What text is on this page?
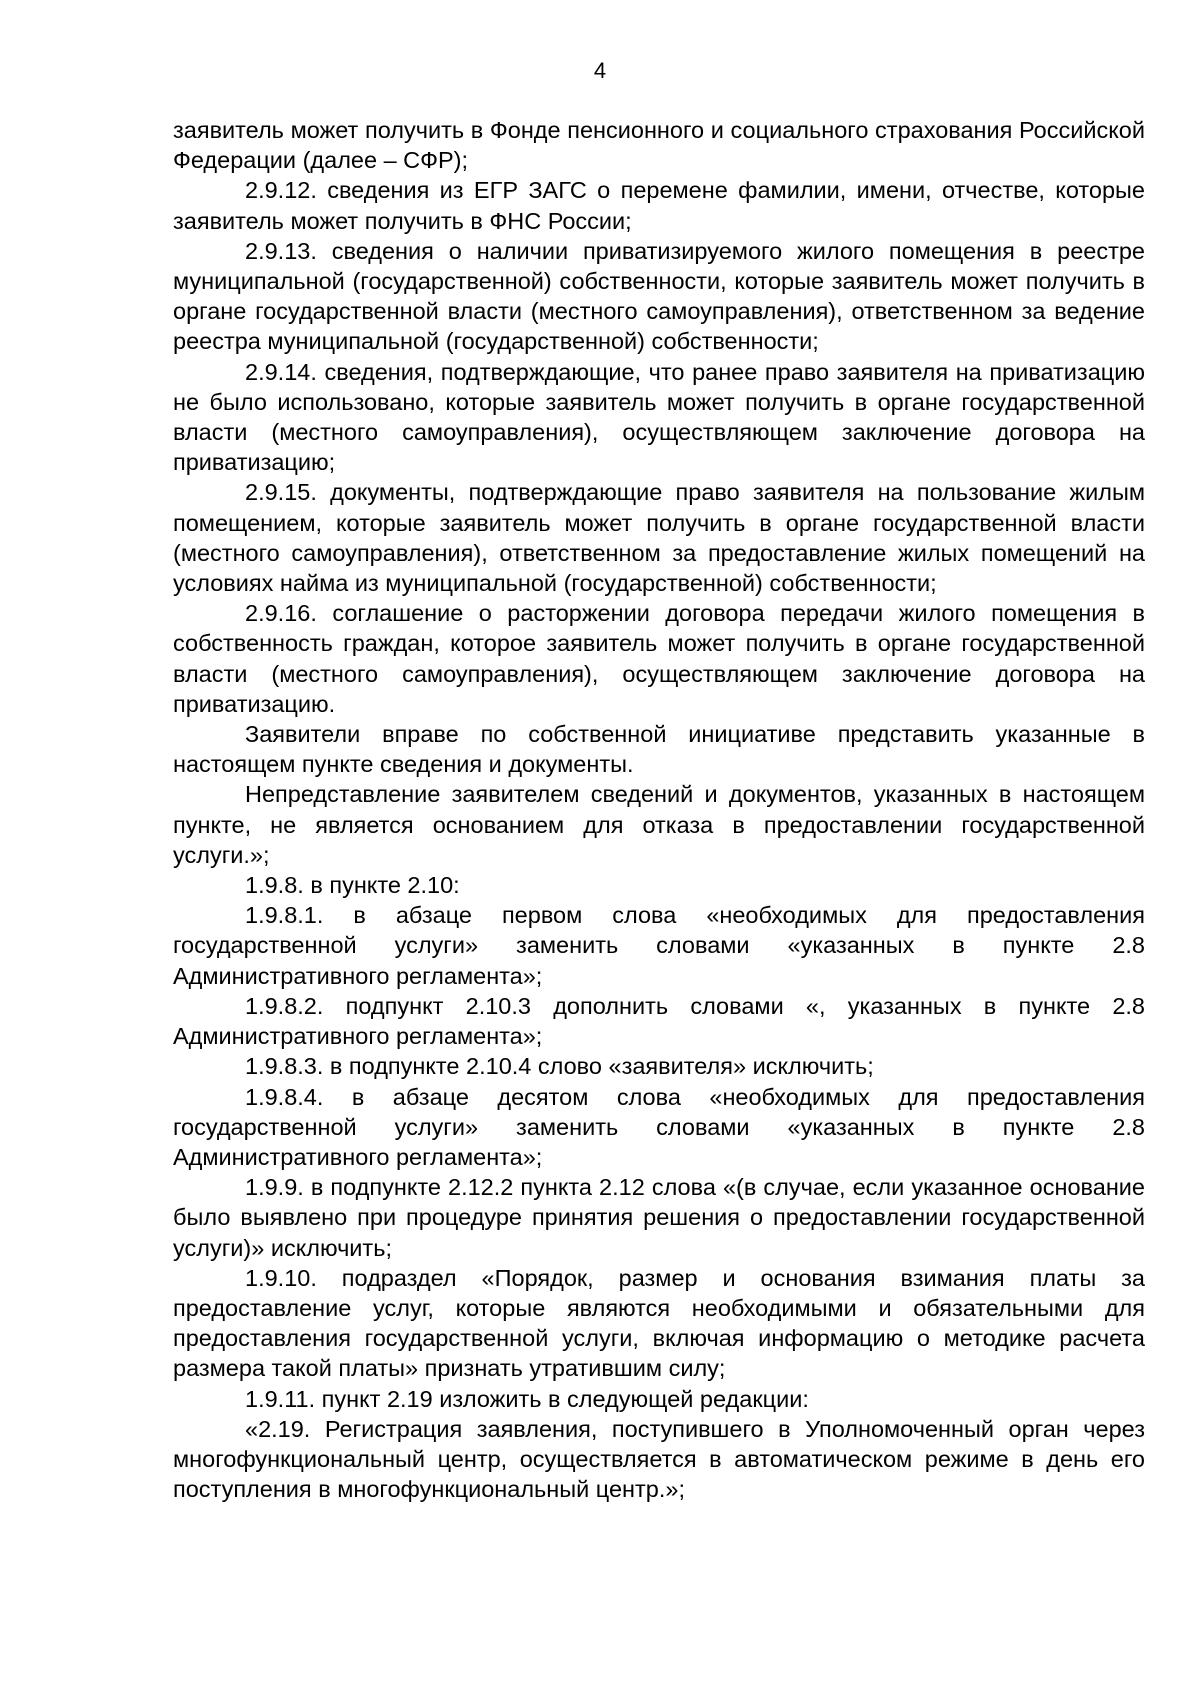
4

заявитель может получить в Фонде пенсионного и социального страхования Российской Федерации (далее – СФР);

2.9.12. сведения из ЕГР ЗАГС о перемене фамилии, имени, отчестве, которые заявитель может получить в ФНС России;

2.9.13. сведения о наличии приватизируемого жилого помещения в реестре муниципальной (государственной) собственности, которые заявитель может получить в органе государственной власти (местного самоуправления), ответственном за ведение реестра муниципальной (государственной) собственности;

2.9.14. сведения, подтверждающие, что ранее право заявителя на приватизацию не было использовано, которые заявитель может получить в органе государственной власти (местного самоуправления), осуществляющем заключение договора на приватизацию;

2.9.15. документы, подтверждающие право заявителя на пользование жилым помещением, которые заявитель может получить в органе государственной власти (местного самоуправления), ответственном за предоставление жилых помещений на условиях найма из муниципальной (государственной) собственности;

2.9.16. соглашение о расторжении договора передачи жилого помещения в собственность граждан, которое заявитель может получить в органе государственной власти (местного самоуправления), осуществляющем заключение договора на приватизацию.

Заявители вправе по собственной инициативе представить указанные в настоящем пункте сведения и документы.

Непредставление заявителем сведений и документов, указанных в настоящем пункте, не является основанием для отказа в предоставлении государственной услуги.»;

1.9.8. в пункте 2.10:

1.9.8.1. в абзаце первом слова «необходимых для предоставления государственной услуги» заменить словами «указанных в пункте 2.8 Административного регламента»;

1.9.8.2. подпункт 2.10.3 дополнить словами «, указанных в пункте 2.8 Административного регламента»;

1.9.8.3. в подпункте 2.10.4 слово «заявителя» исключить;

1.9.8.4. в абзаце десятом слова «необходимых для предоставления государственной услуги» заменить словами «указанных в пункте 2.8 Административного регламента»;

1.9.9. в подпункте 2.12.2 пункта 2.12 слова «(в случае, если указанное основание было выявлено при процедуре принятия решения о предоставлении государственной услуги)» исключить;

1.9.10. подраздел «Порядок, размер и основания взимания платы за предоставление услуг, которые являются необходимыми и обязательными для предоставления государственной услуги, включая информацию о методике расчета размера такой платы» признать утратившим силу;

1.9.11. пункт 2.19 изложить в следующей редакции:

«2.19. Регистрация заявления, поступившего в Уполномоченный орган через многофункциональный центр, осуществляется в автоматическом режиме в день его поступления в многофункциональный центр.»;
